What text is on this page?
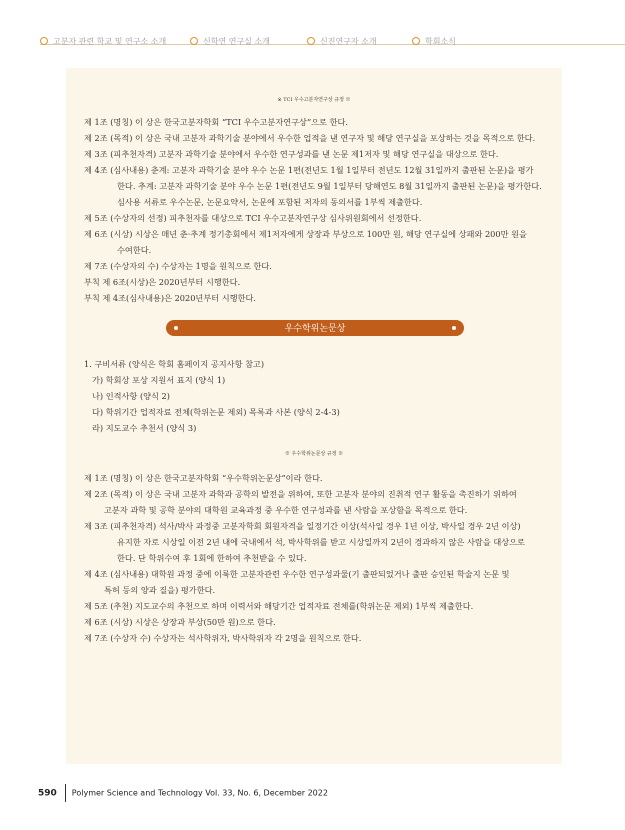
고분자 관련 학교 및 연구소 소개	신학연 연구실 소개	신진연구자 소개	학회소식
※ TCI 우수고분자연구상 규정 ※
제 1조 (명칭) 이 상은 한국고분자학회 “TCI 우수고분자연구상”으로 한다.
제 2조 (목적) 이 상은 국내 고분자 과학기술 분야에서 우수한 업적을 낸 연구자 및 해당 연구실을 포상하는 것을 목적으로 한다.
제 3조 (피추천자격) 고분자 과학기술 분야에서 우수한 연구성과를 낸 논문 제1저자 및 해당 연구실을 대상으로 한다.
제 4조 (심사내용) 춘계: 고분자 과학기술 분야 우수 논문 1편(전년도 1월 1일부터 전년도 12월 31일까지 출판된 논문)을 평가
한다. 추계: 고분자 과학기술 분야 우수 논문 1편(전년도 9월 1일부터 당해연도 8월 31일까지 출판된 논문)을 평가한다.
심사용 서류로 우수논문, 논문요약서, 논문에 포함된 저자의 동의서를 1부씩 제출한다.
제 5조 (수상자의 선정) 피추천자를 대상으로 TCI 우수고분자연구상 심사위원회에서 선정한다.
제 6조 (시상) 시상은 매년 춘·추계 정기총회에서 제1저자에게 상장과 부상으로 100만 원, 해당 연구실에 상패와 200만 원을
수여한다.
제 7조 (수상자의 수) 수상자는 1명을 원칙으로 한다.
부칙 제 6조(시상)은 2020년부터 시행한다.
부칙 제 4조(심사내용)은 2020년부터 시행한다.
우수학위논문상
1. 구비서류 (양식은 학회 홈페이지 공지사항 참고)
가) 학회상 포상 지원서 표지 (양식 1)
나) 인적사항 (양식 2)
다) 학위기간 업적자료 전체(학위논문 제외) 목록과 사본 (양식 2-4-3)
라) 지도교수 추천서 (양식 3)
※ 우수학위논문상 규정 ※
제 1조 (명칭) 이 상은 한국고분자학회 “우수학위논문상”이라 한다.
제 2조 (목적) 이 상은 국내 고분자 과학과 공학의 발전을 위하여, 또한 고분자 분야의 진취적 연구 활동을 촉진하기 위하여
고분자 과학 및 공학 분야의 대학원 교육과정 중 우수한 연구성과를 낸 사람을 포상함을 목적으로 한다.
제 3조 (피추천자격) 석사/박사 과정중 고분자학회 회원자격을 일정기간 이상(석사일 경우 1년 이상, 박사일 경우 2년 이상)
유지한 자로 시상일 이전 2년 내에 국내에서 석, 박사학위를 받고 시상일까지 2년이 경과하지 않은 사람을 대상으로
한다. 단 학위수여 후 1회에 한하여 추천받을 수 있다.
제 4조 (심사내용) 대학원 과정 중에 이룩한 고분자관련 우수한 연구성과물(기 출판되었거나 출판 승인된 학술지 논문 및
특허 등의 양과 질을) 평가한다.
제 5조 (추천) 지도교수의 추천으로 하며 이력서와 해당기간 업적자료 전체를(학위논문 제외) 1부씩 제출한다.
제 6조 (시상) 시상은 상장과 부상(50만 원)으로 한다.
제 7조 (수상자 수) 수상자는 석사학위자, 박사학위자 각 2명을 원칙으로 한다.
590 Polymer Science and Technology Vol. 33, No. 6, December 2022
